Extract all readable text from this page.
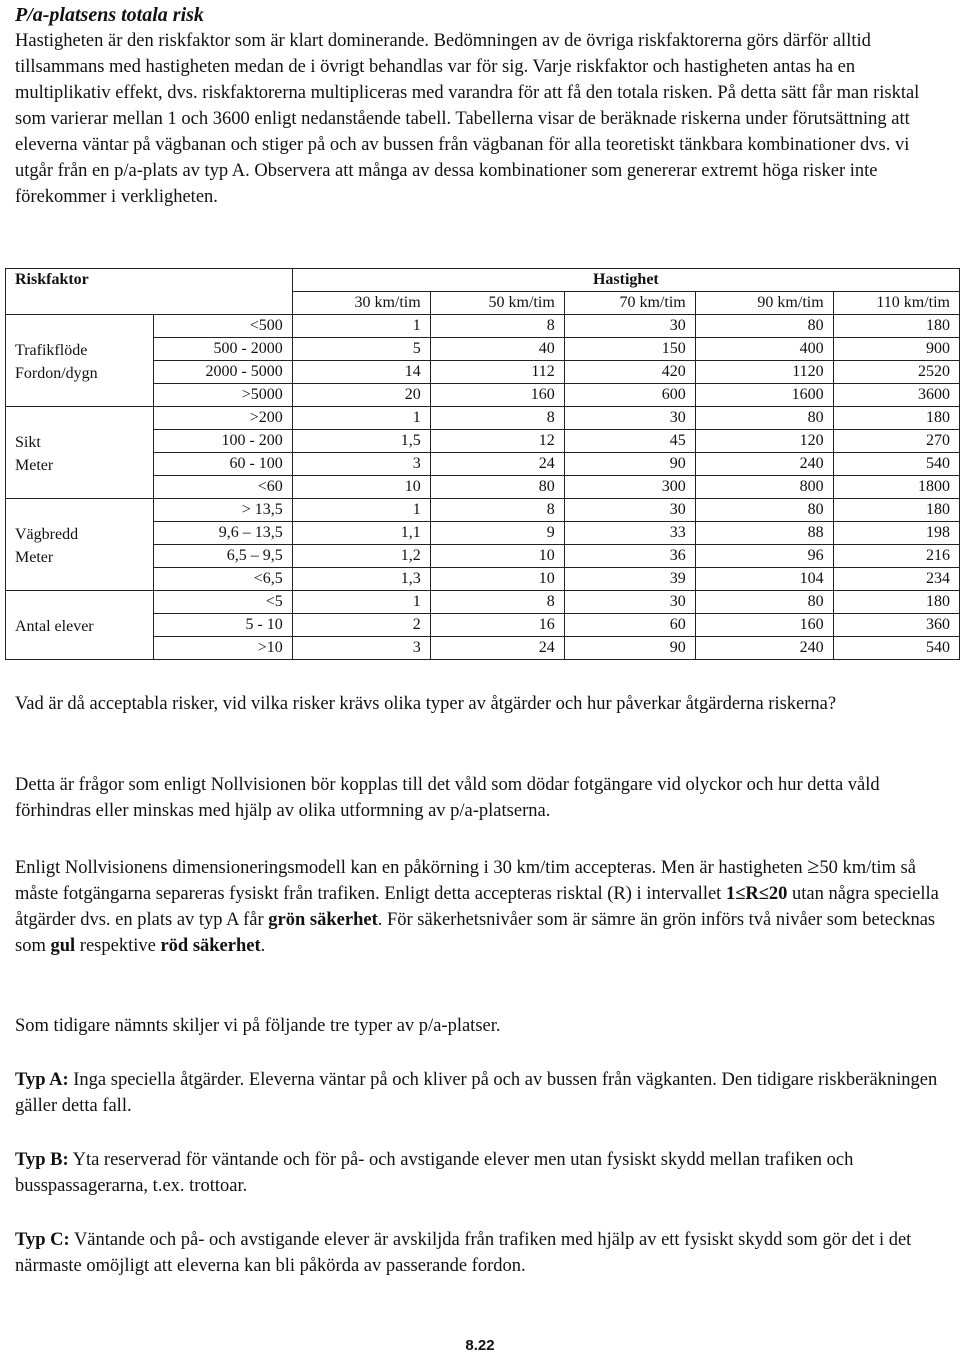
P/a-platsens totala risk

Hastigheten är den riskfaktor som är klart dominerande. Bedömningen av de övriga riskfaktorerna görs därför alltid tillsammans med hastigheten medan de i övrigt behandlas var för sig. Varje riskfaktor och hastigheten antas ha en multiplikativ effekt, dvs. riskfaktorerna multipliceras med varandra för att få den totala risken. På detta sätt får man risktal som varierar mellan 1 och 3600 enligt nedanstående tabell. Tabellerna visar de beräknade riskerna under förutsättning att eleverna väntar på vägbanan och stiger på och av bussen från vägbanan för alla teoretiskt tänkbara kombinationer dvs. vi utgår från en p/a-plats av typ A. Observera att många av dessa kombinationer som genererar extremt höga risker inte förekommer i verkligheten.

Riskfaktor		Hastighet				
		30 km/tim	50 km/tim	70 km/tim	90 km/tim	110 km/tim

Trafikflöde
Fordon/dygn	<500	1	8	30	80	180
	500 - 2000	5	40	150	400	900
	2000 - 5000	14	112	420	1120	2520
	>5000	20	160	600	1600	3600

Sikt
Meter	>200	1	8	30	80	180
	100 - 200	1,5	12	45	120	270
	60 - 100	3	24	90	240	540
	<60	10	80	300	800	1800

Vägbredd
Meter	> 13,5	1	8	30	80	180
	9,6 – 13,5	1,1	9	33	88	198
	6,5 – 9,5	1,2	10	36	96	216
	<6,5	1,3	10	39	104	234

Antal elever	<5	1	8	30	80	180
	5 - 10	2	16	60	160	360
	>10	3	24	90	240	540

Vad är då acceptabla risker, vid vilka risker krävs olika typer av åtgärder och hur påverkar åtgärderna riskerna?

Detta är frågor som enligt Nollvisionen bör kopplas till det våld som dödar fotgängare vid olyckor och hur detta våld förhindras eller minskas med hjälp av olika utformning av p/a-platserna.

Enligt Nollvisionens dimensioneringsmodell kan en påkörning i 30 km/tim accepteras. Men är hastigheten ≥50 km/tim så måste fotgängarna separeras fysiskt från trafiken. Enligt detta accepteras risktal (R) i intervallet 1≤R≤20 utan några speciella åtgärder dvs. en plats av typ A får grön säkerhet. För säkerhetsnivåer som är sämre än grön införs två nivåer som betecknas som gul respektive röd säkerhet.

Som tidigare nämnts skiljer vi på följande tre typer av p/a-platser.

Typ A: Inga speciella åtgärder. Eleverna väntar på och kliver på och av bussen från vägkanten. Den tidigare riskberäkningen gäller detta fall.

Typ B: Yta reserverad för väntande och för på- och avstigande elever men utan fysiskt skydd mellan trafiken och busspassagerarna, t.ex. trottoar.

Typ C: Väntande och på- och avstigande elever är avskiljda från trafiken med hjälp av ett fysiskt skydd som gör det i det närmaste omöjligt att eleverna kan bli påkörda av passerande fordon.

8.22
